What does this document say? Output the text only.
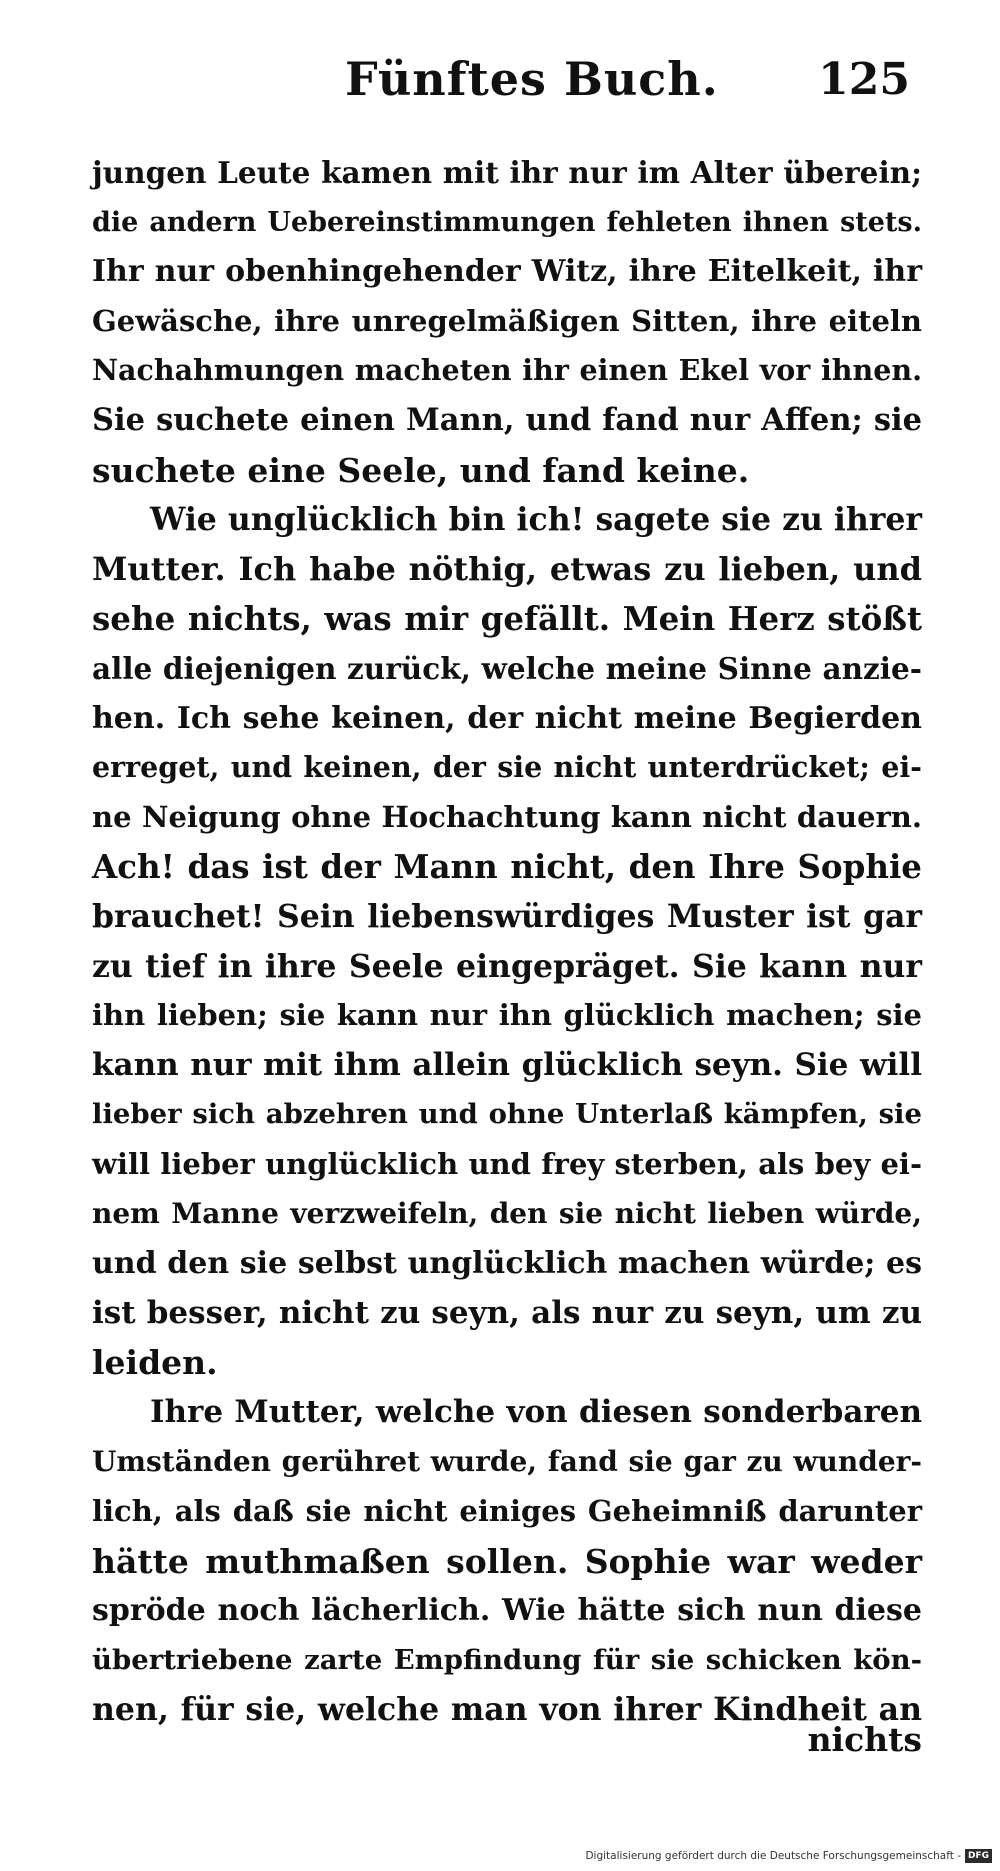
Fünftes Buch. 125
jungen Leute kamen mit ihr nur im Alter überein;
die andern Uebereinstimmungen fehleten ihnen stets.
Ihr nur obenhingehender Witz, ihre Eitelkeit, ihr
Gewäsche, ihre unregelmäßigen Sitten, ihre eiteln
Nachahmungen macheten ihr einen Ekel vor ihnen.
Sie suchete einen Mann, und fand nur Affen; sie
suchete eine Seele, und fand keine.
Wie unglücklich bin ich! sagete sie zu ihrer
Mutter. Ich habe nöthig, etwas zu lieben, und
sehe nichts, was mir gefällt. Mein Herz stößt
alle diejenigen zurück, welche meine Sinne anzie-
hen. Ich sehe keinen, der nicht meine Begierden
erreget, und keinen, der sie nicht unterdrücket; ei-
ne Neigung ohne Hochachtung kann nicht dauern.
Ach! das ist der Mann nicht, den Ihre Sophie
brauchet! Sein liebenswürdiges Muster ist gar
zu tief in ihre Seele eingepräget. Sie kann nur
ihn lieben; sie kann nur ihn glücklich machen; sie
kann nur mit ihm allein glücklich seyn. Sie will
lieber sich abzehren und ohne Unterlaß kämpfen, sie
will lieber unglücklich und frey sterben, als bey ei-
nem Manne verzweifeln, den sie nicht lieben würde,
und den sie selbst unglücklich machen würde; es
ist besser, nicht zu seyn, als nur zu seyn, um zu
leiden.
Ihre Mutter, welche von diesen sonderbaren
Umständen gerühret wurde, fand sie gar zu wunder-
lich, als daß sie nicht einiges Geheimniß darunter
hätte muthmaßen sollen. Sophie war weder
spröde noch lächerlich. Wie hätte sich nun diese
übertriebene zarte Empfindung für sie schicken kön-
nen, für sie, welche man von ihrer Kindheit an
nichts
Digitalisierung gefördert durch die Deutsche Forschungsgemeinschaft - DFG
